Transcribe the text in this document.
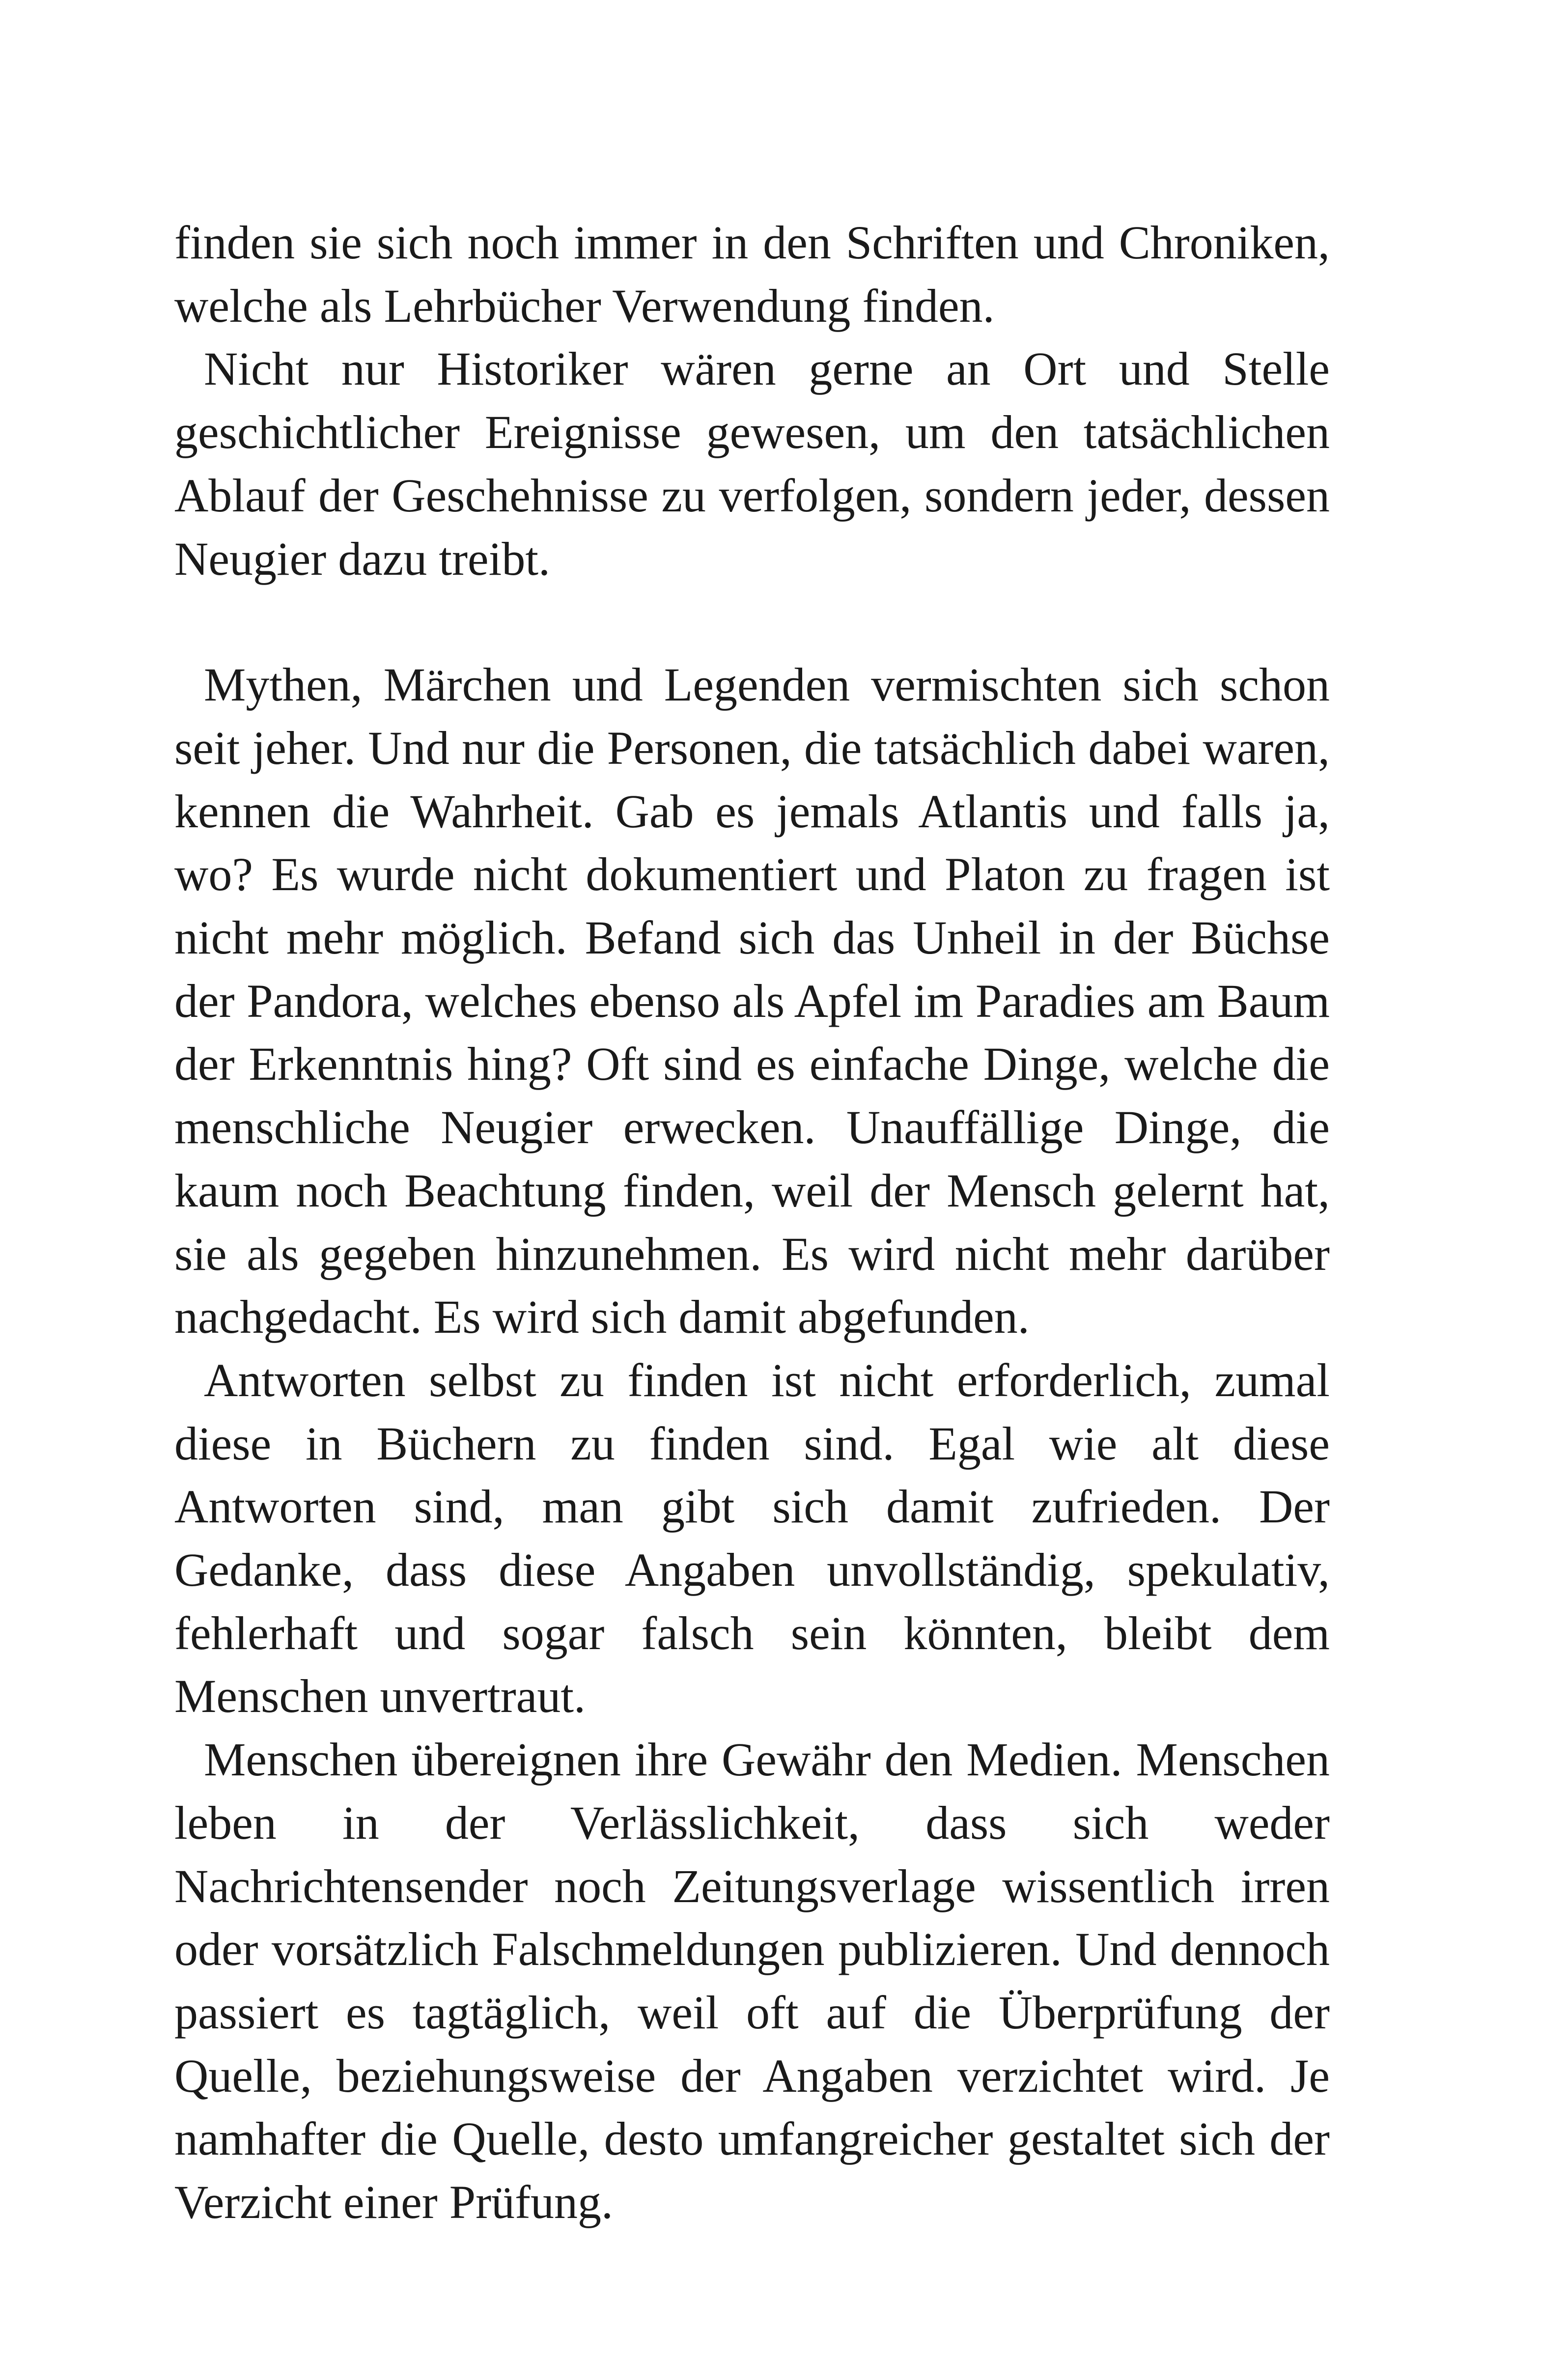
finden sie sich noch immer in den Schriften und Chroniken, welche als Lehrbücher Verwendung finden.

Nicht nur Historiker wären gerne an Ort und Stelle geschichtlicher Ereignisse gewesen, um den tatsächlichen Ablauf der Geschehnisse zu verfolgen, sondern jeder, dessen Neugier dazu treibt.

Mythen, Märchen und Legenden vermischten sich schon seit jeher. Und nur die Personen, die tatsächlich dabei waren, kennen die Wahrheit. Gab es jemals Atlantis und falls ja, wo? Es wurde nicht dokumentiert und Platon zu fragen ist nicht mehr möglich. Befand sich das Unheil in der Büchse der Pandora, welches ebenso als Apfel im Paradies am Baum der Erkenntnis hing? Oft sind es einfache Dinge, welche die menschliche Neugier erwecken. Unauffällige Dinge, die kaum noch Beachtung finden, weil der Mensch gelernt hat, sie als gegeben hinzunehmen. Es wird nicht mehr darüber nachgedacht. Es wird sich damit abgefunden.

Antworten selbst zu finden ist nicht erforderlich, zumal diese in Büchern zu finden sind. Egal wie alt diese Antworten sind, man gibt sich damit zufrieden. Der Gedanke, dass diese Angaben unvollständig, spekulativ, fehlerhaft und sogar falsch sein könnten, bleibt dem Menschen unvertraut.

Menschen übereignen ihre Gewähr den Medien. Menschen leben in der Verlässlichkeit, dass sich weder Nachrichtensender noch Zeitungsverlage wissentlich irren oder vorsätzlich Falschmeldungen publizieren. Und dennoch passiert es tagtäglich, weil oft auf die Überprüfung der Quelle, beziehungsweise der Angaben verzichtet wird. Je namhafter die Quelle, desto umfangreicher gestaltet sich der Verzicht einer Prüfung.
